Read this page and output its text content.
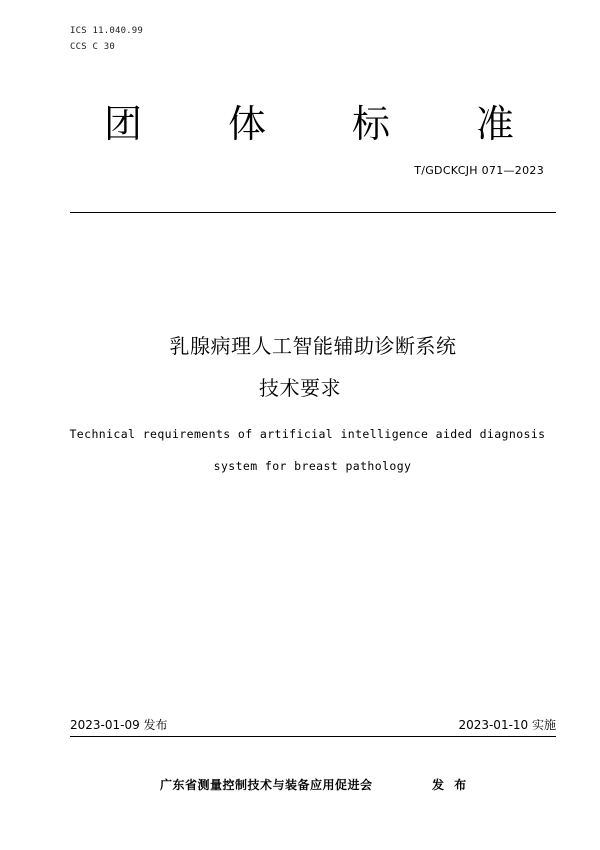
ICS 11.040.99
CCS C 30
团 体 标 准
T/GDCKCJH 071—2023
乳腺病理人工智能辅助诊断系统
技术要求
Technical requirements of artificial intelligence aided diagnosis
system for breast pathology
2023-01-09 发布	2023-01-10 实施
广东省测量控制技术与装备应用促进会	发 布
